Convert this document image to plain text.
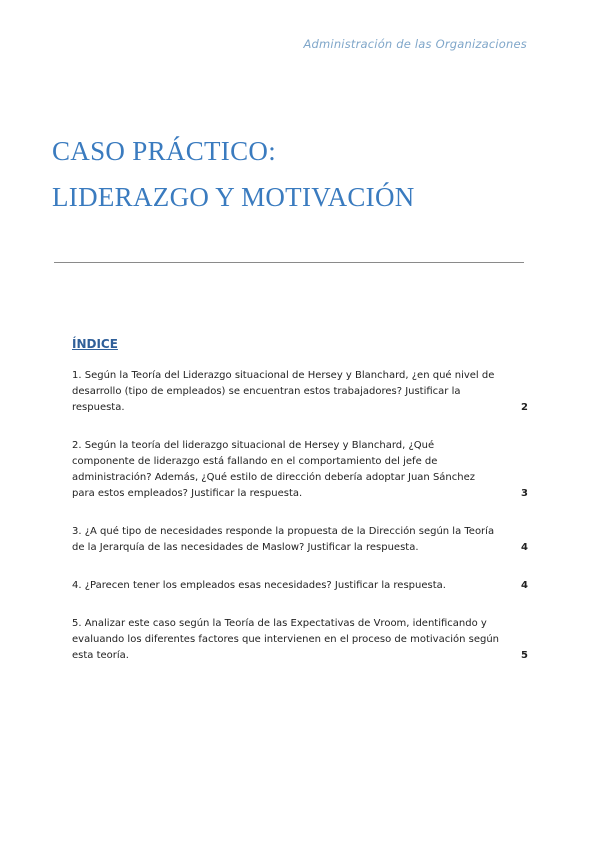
Administración de las Organizaciones
CASO PRÁCTICO:
LIDERAZGO Y MOTIVACIÓN
ÍNDICE
1. Según la Teoría del Liderazgo situacional de Hersey y Blanchard, ¿en qué nivel de desarrollo (tipo de empleados) se encuentran estos trabajadores? Justificar la respuesta.	2
2. Según la teoría del liderazgo situacional de Hersey y Blanchard, ¿Qué componente de liderazgo está fallando en el comportamiento del jefe de administración? Además, ¿Qué estilo de dirección debería adoptar Juan Sánchez para estos empleados? Justificar la respuesta.	3
3. ¿A qué tipo de necesidades responde la propuesta de la Dirección según la Teoría de la Jerarquía de las necesidades de Maslow? Justificar la respuesta.	4
4. ¿Parecen tener los empleados esas necesidades? Justificar la respuesta.	4
5. Analizar este caso según la Teoría de las Expectativas de Vroom, identificando y evaluando los diferentes factores que intervienen en el proceso de motivación según esta teoría.	5
